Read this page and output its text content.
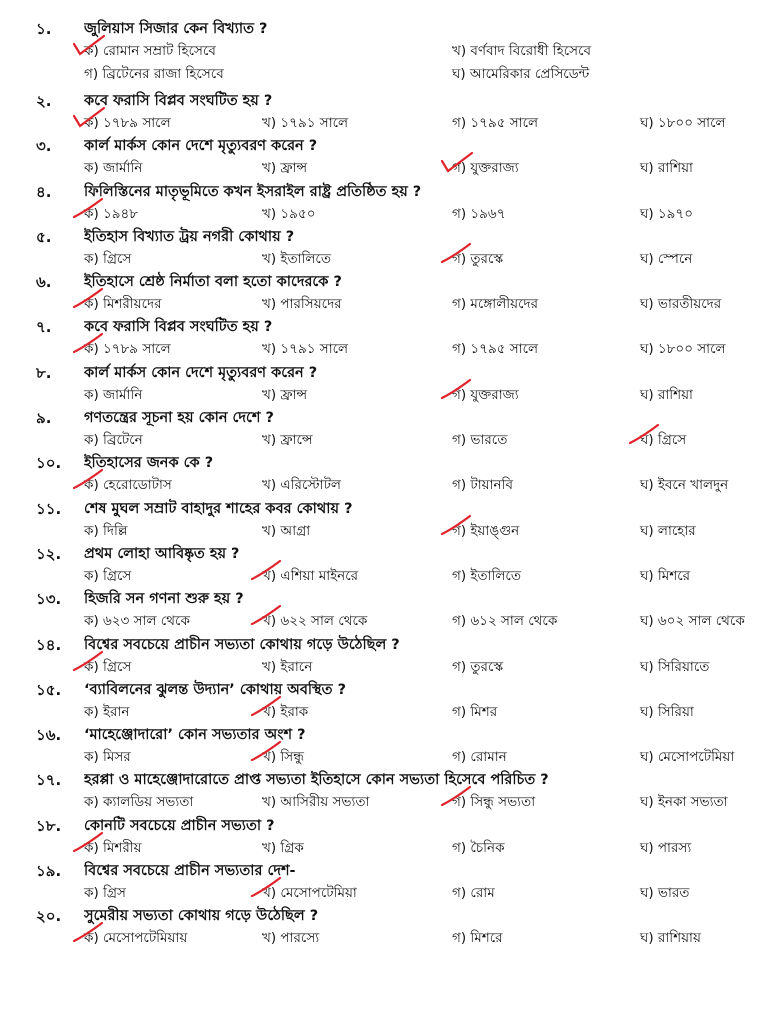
১. জুলিয়াস সিজার কেন বিখ্যাত ?
ক) রোমান সম্রাট হিসেবে	খ) বর্ণবাদ বিরোধী হিসেবে
গ) ব্রিটেনের রাজা হিসেবে	ঘ) আমেরিকার প্রেসিডেন্ট
২. কবে ফরাসি বিপ্লব সংঘটিত হয় ?
ক) ১৭৮৯ সালে	খ) ১৭৯১ সালে	গ) ১৭৯৫ সালে	ঘ) ১৮০০ সালে
৩. কার্ল মার্কস কোন দেশে মৃত্যুবরণ করেন ?
ক) জার্মানি	খ) ফ্রান্স	গ) যুক্তরাজ্য	ঘ) রাশিয়া
৪. ফিলিস্তিনের মাতৃভূমিতে কখন ইসরাইল রাষ্ট্র প্রতিষ্ঠিত হয় ?
ক) ১৯৪৮	খ) ১৯৫০	গ) ১৯৬৭	ঘ) ১৯৭০
৫. ইতিহাস বিখ্যাত ট্রয় নগরী কোথায় ?
ক) গ্রিসে	খ) ইতালিতে	গ) তুরস্কে	ঘ) স্পেনে
৬. ইতিহাসে শ্রেষ্ঠ নির্মাতা বলা হতো কাদেরকে ?
ক) মিশরীয়দের	খ) পারসিয়দের	গ) মঙ্গোলীয়দের	ঘ) ভারতীয়দের
৭. কবে ফরাসি বিপ্লব সংঘটিত হয় ?
ক) ১৭৮৯ সালে	খ) ১৭৯১ সালে	গ) ১৭৯৫ সালে	ঘ) ১৮০০ সালে
৮. কার্ল মার্কস কোন দেশে মৃত্যুবরণ করেন ?
ক) জার্মানি	খ) ফ্রান্স	গ) যুক্তরাজ্য	ঘ) রাশিয়া
৯. গণতন্ত্রের সূচনা হয় কোন দেশে ?
ক) ব্রিটেনে	খ) ফ্রান্সে	গ) ভারতে	ঘ) গ্রিসে
১০. ইতিহাসের জনক কে ?
ক) হেরোডোটাস	খ) এরিস্টোটল	গ) টায়ানবি	ঘ) ইবনে খালদুন
১১. শেষ মুঘল সম্রাট বাহাদুর শাহের কবর কোথায় ?
ক) দিল্লি	খ) আগ্রা	গ) ইয়াঙ্গুন	ঘ) লাহোর
১২. প্রথম লোহা আবিষ্কৃত হয় ?
ক) গ্রিসে	খ) এশিয়া মাইনরে	গ) ইতালিতে	ঘ) মিশরে
১৩. হিজরি সন গণনা শুরু হয় ?
ক) ৬২৩ সাল থেকে	খ) ৬২২ সাল থেকে	গ) ৬১২ সাল থেকে	ঘ) ৬০২ সাল থেকে
১৪. বিশ্বের সবচেয়ে প্রাচীন সভ্যতা কোথায় গড়ে উঠেছিল ?
ক) গ্রিসে	খ) ইরানে	গ) তুরস্কে	ঘ) সিরিয়াতে
১৫. ‘ব্যাবিলনের ঝুলন্ত উদ্যান’ কোথায় অবস্থিত ?
ক) ইরান	খ) ইরাক	গ) মিশর	ঘ) সিরিয়া
১৬. ‘মাহেঞ্জোদারো’ কোন সভ্যতার অংশ ?
ক) মিসর	খ) সিন্ধু	গ) রোমান	ঘ) মেসোপটেমিয়া
১৭. হরপ্পা ও মাহেঞ্জোদারোতে প্রাপ্ত সভ্যতা ইতিহাসে কোন সভ্যতা হিসেবে পরিচিত ?
ক) ক্যালডিয় সভ্যতা	খ) আসিরীয় সভ্যতা	গ) সিন্ধু সভ্যতা	ঘ) ইনকা সভ্যতা
১৮. কোনটি সবচেয়ে প্রাচীন সভ্যতা ?
ক) মিশরীয়	খ) গ্রিক	গ) চৈনিক	ঘ) পারস্য
১৯. বিশ্বের সবচেয়ে প্রাচীন সভ্যতার দেশ-
ক) গ্রিস	খ) মেসোপটেমিয়া	গ) রোম	ঘ) ভারত
২০. সুমেরীয় সভ্যতা কোথায় গড়ে উঠেছিল ?
ক) মেসোপটেমিয়ায়	খ) পারস্যে	গ) মিশরে	ঘ) রাশিয়ায়
